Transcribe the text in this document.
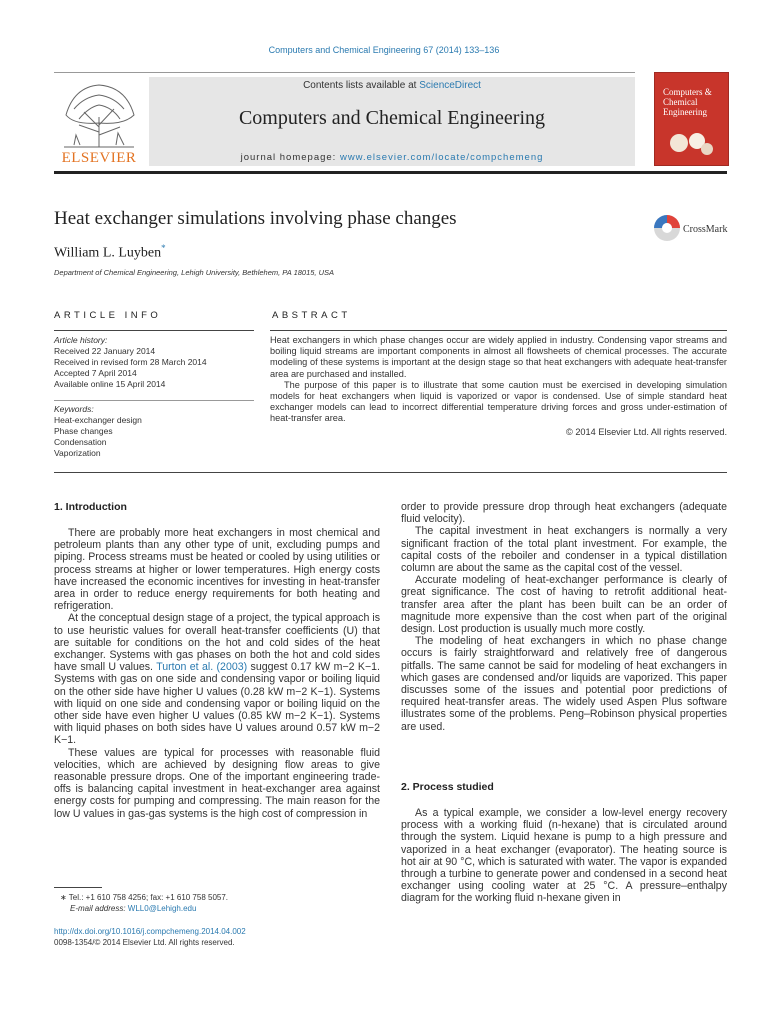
Computers and Chemical Engineering 67 (2014) 133–136
ELSEVIER
Contents lists available at ScienceDirect
Computers and Chemical Engineering
journal homepage: www.elsevier.com/locate/compchemeng
Computers & Chemical Engineering
Heat exchanger simulations involving phase changes
CrossMark
William L. Luyben*
Department of Chemical Engineering, Lehigh University, Bethlehem, PA 18015, USA
ARTICLE INFO	ABSTRACT
Article history:
Received 22 January 2014
Received in revised form 28 March 2014
Accepted 7 April 2014
Available online 15 April 2014
Keywords:
Heat-exchanger design
Phase changes
Condensation
Vaporization

Heat exchangers in which phase changes occur are widely applied in industry. Condensing vapor streams and boiling liquid streams are important components in almost all flowsheets of chemical processes. The accurate modeling of these systems is important at the design stage so that heat exchangers with adequate heat-transfer area are purchased and installed.

The purpose of this paper is to illustrate that some caution must be exercised in developing simulation models for heat exchangers when liquid is vaporized or vapor is condensed. Use of simple standard heat exchanger models can lead to incorrect differential temperature driving forces and gross under-estimation of heat-transfer area.

© 2014 Elsevier Ltd. All rights reserved.

1. Introduction

There are probably more heat exchangers in most chemical and petroleum plants than any other type of unit, excluding pumps and piping. Process streams must be heated or cooled by using utilities or process streams at higher or lower temperatures. High energy costs have increased the economic incentives for investing in heat-transfer area in order to reduce energy requirements for both heating and refrigeration.

At the conceptual design stage of a project, the typical approach is to use heuristic values for overall heat-transfer coefficients (U) that are suitable for conditions on the hot and cold sides of the heat exchanger. Systems with gas phases on both the hot and cold sides have small U values. Turton et al. (2003) suggest 0.17 kW m−2 K−1. Systems with gas on one side and condensing vapor or boiling liquid on the other side have higher U values (0.28 kW m−2 K−1). Systems with liquid on one side and condensing vapor or boiling liquid on the other side have even higher U values (0.85 kW m−2 K−1). Systems with liquid phases on both sides have U values around 0.57 kW m−2 K−1.

These values are typical for processes with reasonable fluid velocities, which are achieved by designing flow areas to give reasonable pressure drops. One of the important engineering trade-offs is balancing capital investment in heat-exchanger area against energy costs for pumping and compressing. The main reason for the low U values in gas-gas systems is the high cost of compression in

∗ Tel.: +1 610 758 4256; fax: +1 610 758 5057.
E-mail address: WLL0@Lehigh.edu
http://dx.doi.org/10.1016/j.compchemeng.2014.04.002
0098-1354/© 2014 Elsevier Ltd. All rights reserved.

order to provide pressure drop through heat exchangers (adequate fluid velocity).

The capital investment in heat exchangers is normally a very significant fraction of the total plant investment. For example, the capital costs of the reboiler and condenser in a typical distillation column are about the same as the capital cost of the vessel.

Accurate modeling of heat-exchanger performance is clearly of great significance. The cost of having to retrofit additional heat-transfer area after the plant has been built can be an order of magnitude more expensive than the cost when part of the original design. Lost production is usually much more costly.

The modeling of heat exchangers in which no phase change occurs is fairly straightforward and relatively free of dangerous pitfalls. The same cannot be said for modeling of heat exchangers in which gases are condensed and/or liquids are vaporized. This paper discusses some of the issues and potential poor predictions of required heat-transfer areas. The widely used Aspen Plus software illustrates some of the problems. Peng–Robinson physical properties are used.

2. Process studied

As a typical example, we consider a low-level energy recovery process with a working fluid (n-hexane) that is circulated around through the system. Liquid hexane is pump to a high pressure and vaporized in a heat exchanger (evaporator). The heating source is hot air at 90 °C, which is saturated with water. The vapor is expanded through a turbine to generate power and condensed in a second heat exchanger using cooling water at 25 °C. A pressure–enthalpy diagram for the working fluid n-hexane given in
